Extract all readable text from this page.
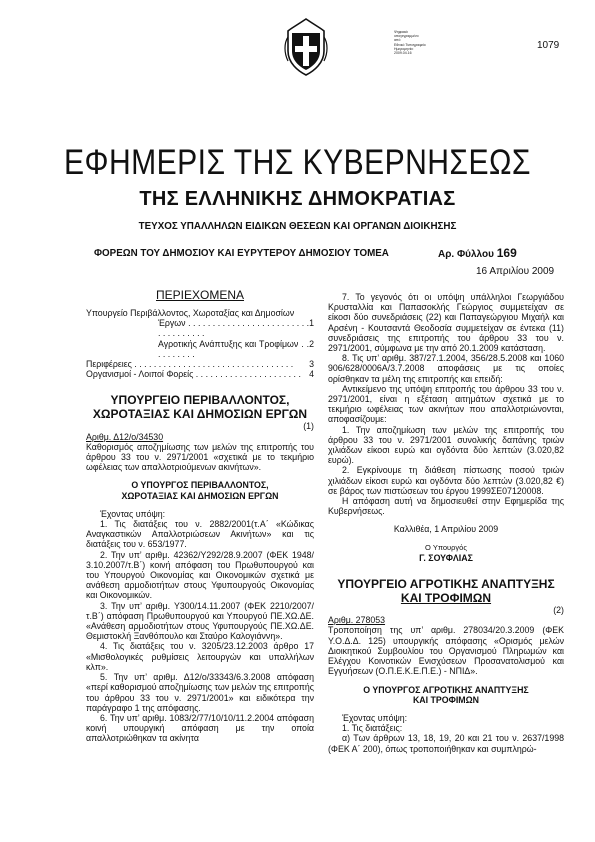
Ψηφιακά
υπογεγραμμένο
από
Εθνικό Τυπογραφείο
Ημερομηνία:
2009.04.16
1079
ΕΦΗΜΕΡΙΣ ΤΗΣ ΚΥΒΕΡΝΗΣΕΩΣ
ΤΗΣ ΕΛΛΗΝΙΚΗΣ ΔΗΜΟΚΡΑΤΙΑΣ
ΤΕΥΧΟΣ ΥΠΑΛΛΗΛΩΝ ΕΙΔΙΚΩΝ ΘΕΣΕΩΝ ΚΑΙ ΟΡΓΑΝΩΝ ΔΙΟΙΚΗΣΗΣ
ΦΟΡΕΩΝ ΤΟΥ ΔΗΜΟΣΙΟΥ ΚΑΙ ΕΥΡΥΤΕΡΟΥ ΔΗΜΟΣΙΟΥ ΤΟΜΕΑ	Αρ. Φύλλου 169
16 Απριλίου 2009
ΠΕΡΙΕΧΟΜΕΝΑ
Υπουργείο Περιβάλλοντος, Χωροταξίας και Δημοσίων
Έργων . . . . . . . . . . . . . . . . . . . . . . . . . . . . . . . . . . .
1
Αγροτικής Ανάπτυξης και Τροφίμων . . . . . . . . . .
2
Περιφέρειες . . . . . . . . . . . . . . . . . . . . . . . . . . . . . . . . . 3
Οργανισμοί - Λοιποί Φορείς . . . . . . . . . . . . . . . . . . . . . . 4
ΥΠΟΥΡΓΕΙΟ ΠΕΡΙΒΑΛΛΟΝΤΟΣ,
ΧΩΡΟΤΑΞΙΑΣ ΚΑΙ ΔΗΜΟΣΙΩΝ ΕΡΓΩΝ
(1)

Αριθμ. Δ12/ο/34530

Καθορισμός αποζημίωσης των μελών της επιτροπής του άρθρου 33 του ν. 2971/2001 «σχετικά με το τεκμήριο ωφέλειας των απαλλοτριούμενων ακινήτων».

Ο ΥΠΟΥΡΓΟΣ ΠΕΡΙΒΑΛΛΟΝΤΟΣ,
ΧΩΡΟΤΑΞΙΑΣ ΚΑΙ ΔΗΜΟΣΙΩΝ ΕΡΓΩΝ

Έχοντας υπόψη:

1. Τις διατάξεις του ν. 2882/2001(τ.Α΄ «Κώδικας Αναγκαστικών Απαλλοτριώσεων Ακινήτων» και τις διατάξεις του ν. 653/1977.

2. Την υπ’ αριθμ. 42362/Υ292/28.9.2007 (ΦΕΚ 1948/ 3.10.2007/τ.Β΄) κοινή απόφαση του Πρωθυπουργού και του Υπουργού Οικονομίας και Οικονομικών σχετικά με ανάθεση αρμοδιοτήτων στους Υφυπουργούς Οικονομίας και Οικονομικών.

3. Την υπ’ αριθμ. Υ300/14.11.2007 (ΦΕΚ 2210/2007/τ.Β΄) απόφαση Πρωθυπουργού και Υπουργού ΠΕ.ΧΩ.ΔΕ. «Ανάθεση αρμοδιοτήτων στους Υφυπουργούς ΠΕ.ΧΩ.ΔΕ. Θεμιστοκλή Ξανθόπουλο και Σταύρο Καλογιάννη».

4. Τις διατάξεις του ν. 3205/23.12.2003 άρθρο 17 «Μισθολογικές ρυθμίσεις λειτουργών και υπαλλήλων κλπ».

5. Την υπ’ αριθμ. Δ12/ο/33343/6.3.2008 απόφαση «περί καθορισμού αποζημίωσης των μελών της επιτροπής του άρθρου 33 του ν. 2971/2001» και ειδικότερα την παράγραφο 1 της απόφασης.

6. Την υπ’ αριθμ. 1083/2/77/10/10/11.2.2004 απόφαση κοινή υπουργική απόφαση με την οποία απαλλοτριώθηκαν τα ακίνητα

7. Το γεγονός ότι οι υπόψη υπάλληλοι Γεωργιάδου Κρυσταλλία και Παπασοκλής Γεώργιος συμμετείχαν σε είκοσι δύο συνεδριάσεις (22) και Παπαγεώργιου Μιχαήλ και Αρσένη - Κουτσαντά Θεοδοσία συμμετείχαν σε έντεκα (11) συνεδριάσεις της επιτροπής του άρθρου 33 του ν. 2971/2001, σύμφωνα με την από 20.1.2009 κατάσταση.

8. Τις υπ’ αριθμ. 387/27.1.2004, 356/28.5.2008 και 1060 906/628/0006Α/3.7.2008 αποφάσεις με τις οποίες ορίσθηκαν τα μέλη της επιτροπής και επειδή:

Αντικείμενο της υπόψη επιτροπής του άρθρου 33 του ν. 2971/2001, είναι η εξέταση αιτημάτων σχετικά με το τεκμήριο ωφέλειας των ακινήτων που απαλλοτριώνονται, αποφασίζουμε:

1. Την αποζημίωση των μελών της επιτροπής του άρθρου 33 του ν. 2971/2001 συνολικής δαπάνης τριών χιλιάδων είκοσι ευρώ και ογδόντα δύο λεπτών (3.020,82 ευρώ).

2. Εγκρίνουμε τη διάθεση πίστωσης ποσού τριών χιλιάδων είκοσι ευρώ και ογδόντα δύο λεπτών (3.020,82 €) σε βάρος των πιστώσεων του έργου 1999ΣΕ07120008.

Η απόφαση αυτή να δημοσιευθεί στην Εφημερίδα της Κυβερνήσεως.

Καλλιθέα, 1 Απριλίου 2009
Ο Υπουργός
Γ. ΣΟΥΦΛΙΑΣ
ΥΠΟΥΡΓΕΙΟ ΑΓΡΟΤΙΚΗΣ ΑΝΑΠΤΥΞΗΣ
ΚΑΙ ΤΡΟΦΙΜΩΝ
(2)

Αριθμ. 278053

Τροποποίηση της υπ’ αριθμ. 278034/20.3.2009 (ΦΕΚ Υ.Ο.Δ.Δ. 125) υπουργικής απόφασης «Ορισμός μελών Διοικητικού Συμβουλίου του Οργανισμού Πληρωμών και Ελέγχου Κοινοτικών Ενισχύσεων Προσανατολισμού και Εγγυήσεων (Ο.Π.Ε.Κ.Ε.Π.Ε.) - ΝΠΙΔ».

Ο ΥΠΟΥΡΓΟΣ ΑΓΡΟΤΙΚΗΣ ΑΝΑΠΤΥΞΗΣ
ΚΑΙ ΤΡΟΦΙΜΩΝ

Έχοντας υπόψη:

1. Τις διατάξεις:

α) Των άρθρων 13, 18, 19, 20 και 21 του ν. 2637/1998 (ΦΕΚ Α΄ 200), όπως τροποποιήθηκαν και συμπληρώ-
